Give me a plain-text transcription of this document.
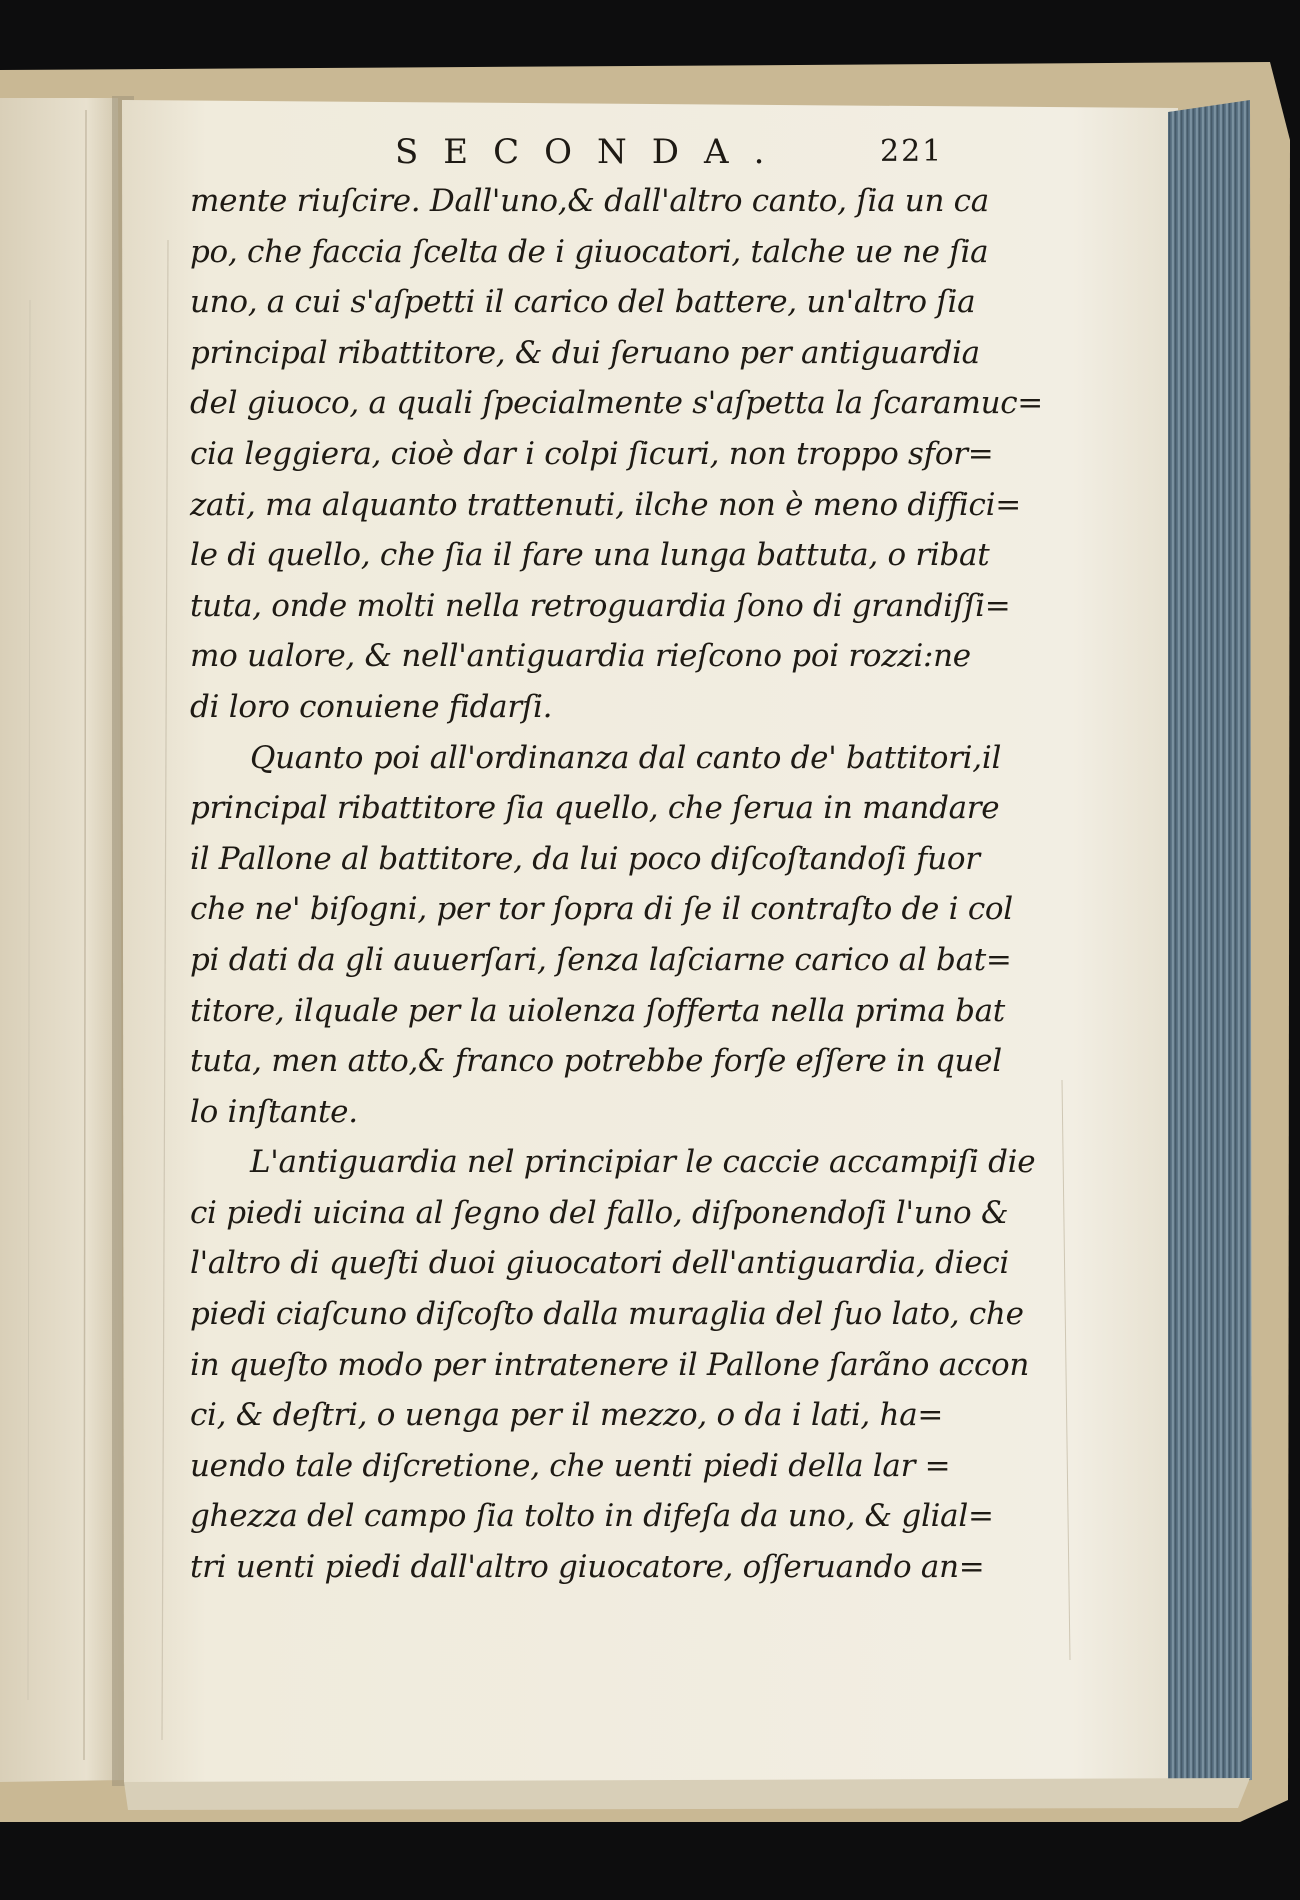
SECONDA.	221
mente riuſcire. Dall'uno,& dall'altro canto, ſia un ca
po, che faccia ſcelta de i giuocatori, talche ue ne ſia
uno, a cui s'aſpetti il carico del battere, un'altro ſia
principal ribattitore, & dui ſeruano per antiguardia
del giuoco, a quali ſpecialmente s'aſpetta la ſcaramuc=
cia leggiera, cioè dar i colpi ſicuri, non troppo sfor=
zati, ma alquanto trattenuti, ilche non è meno diffici=
le di quello, che ſia il fare una lunga battuta, o ribat
tuta, onde molti nella retroguardia ſono di grandiſſi=
mo ualore, & nell'antiguardia rieſcono poi rozzi:ne
di loro conuiene fidarſi.
Quanto poi all'ordinanza dal canto de' battitori,il
principal ribattitore ſia quello, che ſerua in mandare
il Pallone al battitore, da lui poco diſcoſtandoſi fuor
che ne' biſogni, per tor ſopra di ſe il contraſto de i col
pi dati da gli auuerſari, ſenza laſciarne carico al bat=
titore, ilquale per la uiolenza ſofferta nella prima bat
tuta, men atto,& franco potrebbe forſe eſſere in quel
lo inſtante.
L'antiguardia nel principiar le caccie accampiſi die
ci piedi uicina al ſegno del fallo, diſponendoſi l'uno &
l'altro di queſti duoi giuocatori dell'antiguardia, dieci
piedi ciaſcuno diſcoſto dalla muraglia del ſuo lato, che
in queſto modo per intratenere il Pallone ſarãno accon
ci, & deſtri, o uenga per il mezzo, o da i lati, ha=
uendo tale diſcretione, che uenti piedi della lar =
ghezza del campo ſia tolto in difeſa da uno, & glial=
tri uenti piedi dall'altro giuocatore, oſſeruando an=
